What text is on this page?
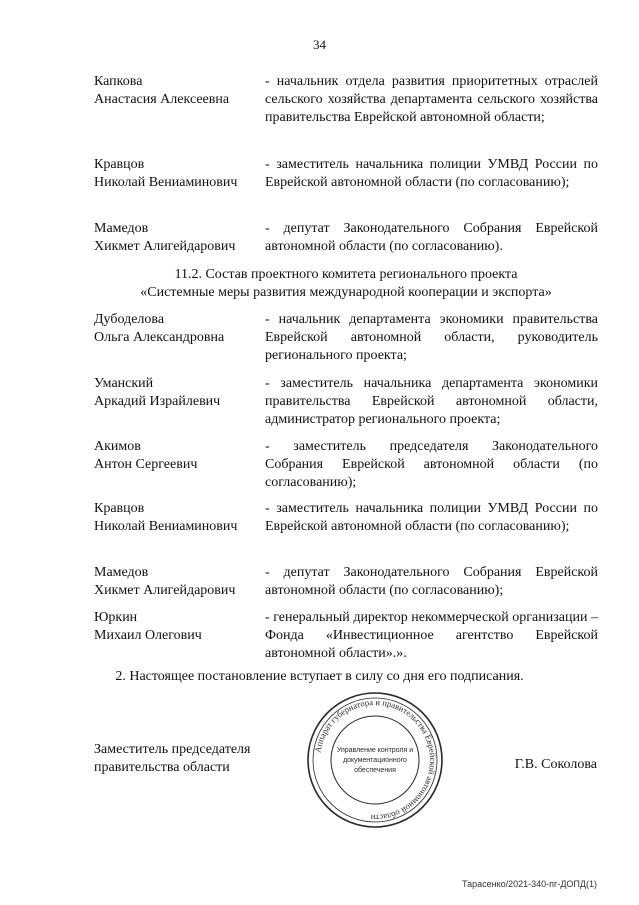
34
Капкова
Анастасия Алексеевна
- начальник отдела развития приоритетных отраслей сельского хозяйства департамента сельского хозяйства правительства Еврейской автономной области;
Кравцов
Николай Вениаминович
- заместитель начальника полиции УМВД России по Еврейской автономной области (по согласованию);
Мамедов
Хикмет Алигейдарович
- депутат Законодательного Собрания Еврейской автономной области (по согласованию).
11.2. Состав проектного комитета регионального проекта
«Системные меры развития международной кооперации и экспорта»
Дубоделова
Ольга Александровна
- начальник департамента экономики правительства Еврейской автономной области, руководитель регионального проекта;
Уманский
Аркадий Израйлевич
- заместитель начальника департамента экономики правительства Еврейской автономной области, администратор регионального проекта;
Акимов
Антон Сергеевич
- заместитель председателя Законодательного Собрания Еврейской автономной области (по согласованию);
Кравцов
Николай Вениаминович
- заместитель начальника полиции УМВД России по Еврейской автономной области (по согласованию);
Мамедов
Хикмет Алигейдарович
- депутат Законодательного Собрания Еврейской автономной области (по согласованию);
Юркин
Михаил Олегович
- генеральный директор некоммерческой организации – Фонда «Инвестиционное агентство Еврейской автономной области».».
2. Настоящее постановление вступает в силу со дня его подписания.
Заместитель председателя
правительства области	Г.В. Соколова
Аппарат губернатора и правительства Еврейской автономной области
Управление контроля и
документационного
обеспечения
Тарасенко/2021-340-пг-ДОПД(1)
